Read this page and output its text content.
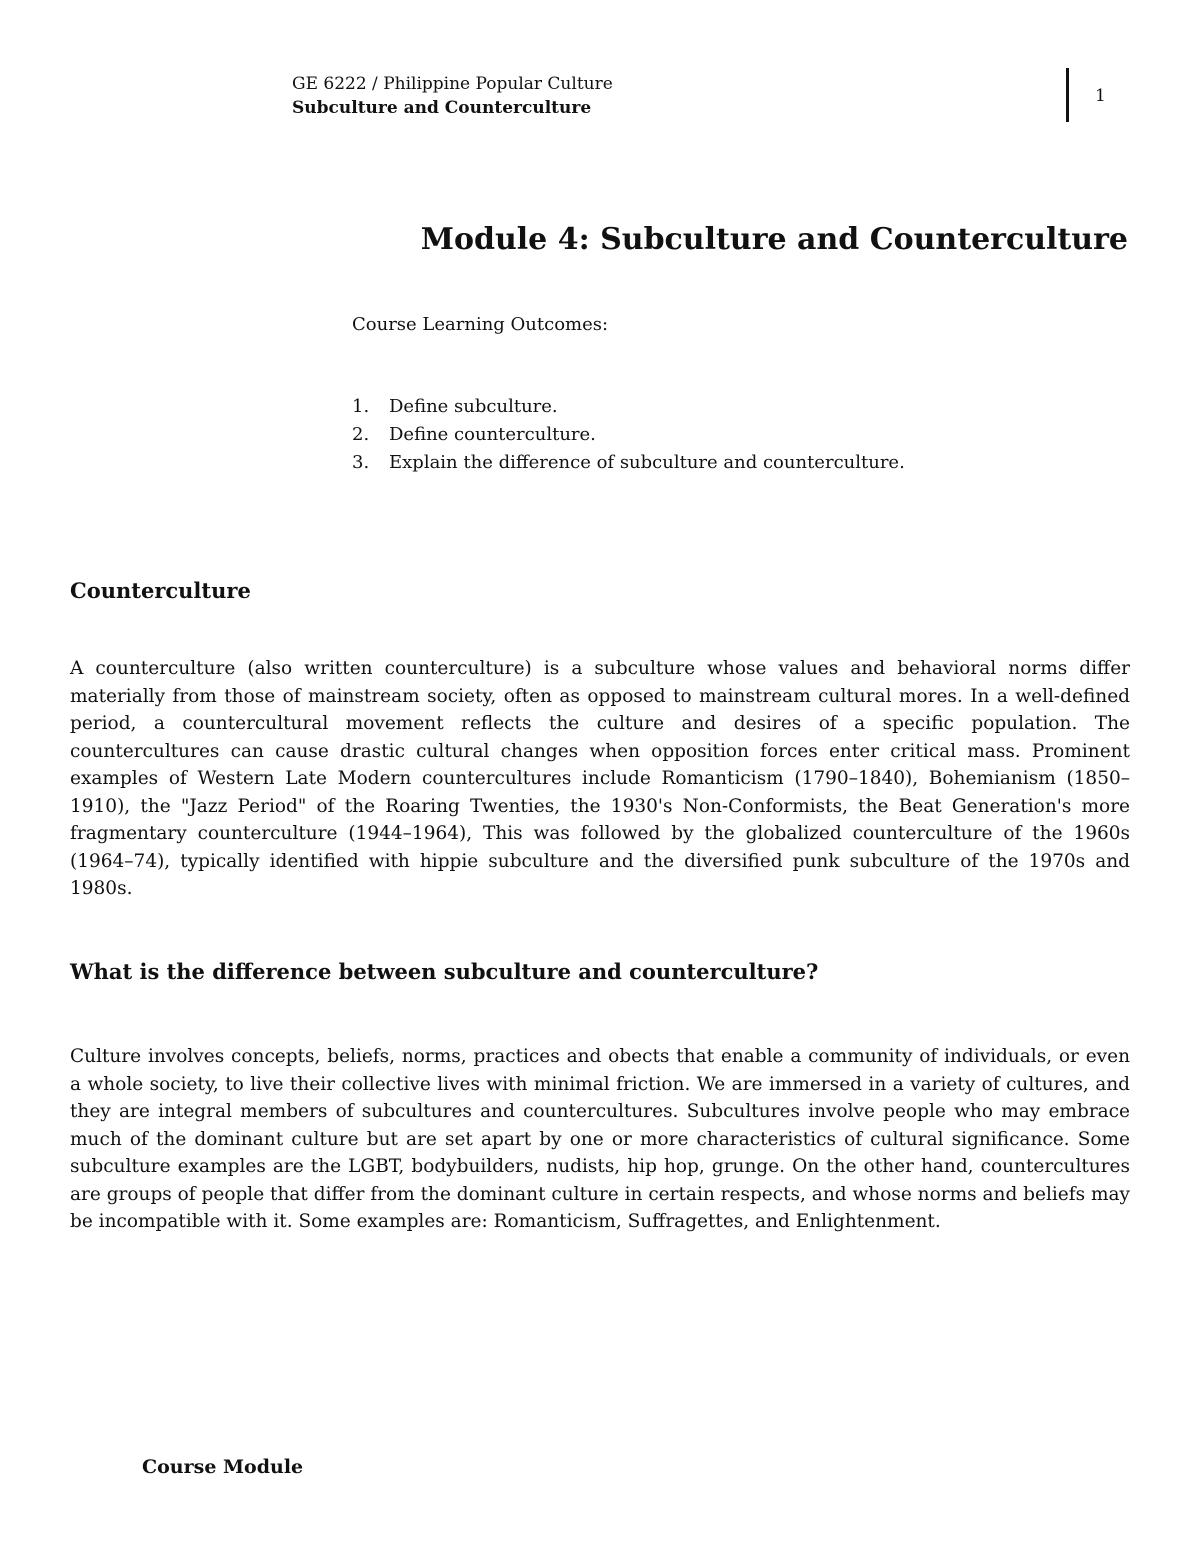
GE 6222 / Philippine Popular Culture
Subculture and Counterculture
1
Module 4: Subculture and Counterculture
Course Learning Outcomes:
1.	Define subculture.
2.	Define counterculture.
3.	Explain the difference of subculture and counterculture.
Counterculture

A counterculture (also written counterculture) is a subculture whose values and behavioral norms differ materially from those of mainstream society, often as opposed to mainstream cultural mores. In a well-defined period, a countercultural movement reflects the culture and desires of a specific population. The countercultures can cause drastic cultural changes when opposition forces enter critical mass. Prominent examples of Western Late Modern countercultures include Romanticism (1790–1840), Bohemianism (1850–1910), the "Jazz Period" of the Roaring Twenties, the 1930's Non-Conformists, the Beat Generation's more fragmentary counterculture (1944–1964), This was followed by the globalized counterculture of the 1960s (1964–74), typically identified with hippie subculture and the diversified punk subculture of the 1970s and 1980s.

What is the difference between subculture and counterculture?

Culture involves concepts, beliefs, norms, practices and obects that enable a community of individuals, or even a whole society, to live their collective lives with minimal friction. We are immersed in a variety of cultures, and they are integral members of subcultures and countercultures. Subcultures involve people who may embrace much of the dominant culture but are set apart by one or more characteristics of cultural significance. Some subculture examples are the LGBT, bodybuilders, nudists, hip hop, grunge. On the other hand, countercultures are groups of people that differ from the dominant culture in certain respects, and whose norms and beliefs may be incompatible with it. Some examples are: Romanticism, Suffragettes, and Enlightenment.

Course Module
